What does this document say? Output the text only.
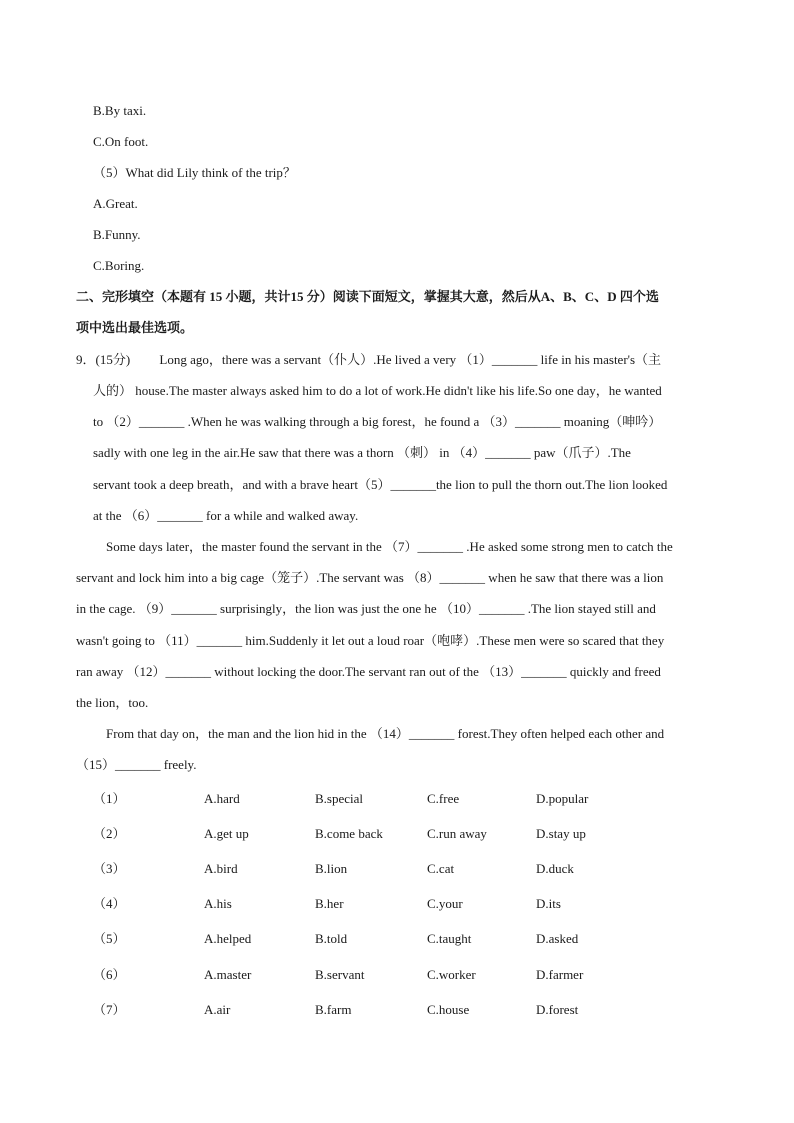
B.By taxi.
C.On foot.
（5）What did Lily think of the trip？
A.Great.
B.Funny.
C.Boring.
二、完形填空（本题有 15 小题，共计15 分）阅读下面短文，掌握其大意，然后从A、B、C、D 四个选
项中选出最佳选项。
9．(15分)　　 Long ago，there was a servant（仆人）.He lived a very （1）_______ life in his master's（主
人的） house.The master always asked him to do a lot of work.He didn't like his life.So one day，he wanted
to （2）_______ .When he was walking through a big forest，he found a （3）_______ moaning（呻吟）
sadly with one leg in the air.He saw that there was a thorn （刺） in （4）_______ paw（爪子）.The
servant took a deep breath，and with a brave heart（5）_______the lion to pull the thorn out.The lion looked
at the （6）_______ for a while and walked away.
　Some days later，the master found the servant in the （7）_______ .He asked some strong men to catch the
servant and lock him into a big cage（笼子）.The servant was （8）_______ when he saw that there was a lion
in the cage. （9）_______ surprisingly，the lion was just the one he （10）_______ .The lion stayed still and
wasn't going to （11）_______ him.Suddenly it let out a loud roar（咆哮）.These men were so scared that they
ran away （12）_______ without locking the door.The servant ran out of the （13）_______ quickly and freed
the lion，too.
　From that day on，the man and the lion hid in the （14）_______ forest.They often helped each other and
（15）_______ freely.
（1）	A.hard	B.special	C.free	D.popular
（2）	A.get up	B.come back	C.run away	D.stay up
（3）	A.bird	B.lion	C.cat	D.duck
（4）	A.his	B.her	C.your	D.its
（5）	A.helped	B.told	C.taught	D.asked
（6）	A.master	B.servant	C.worker	D.farmer
（7）	A.air	B.farm	C.house	D.forest
